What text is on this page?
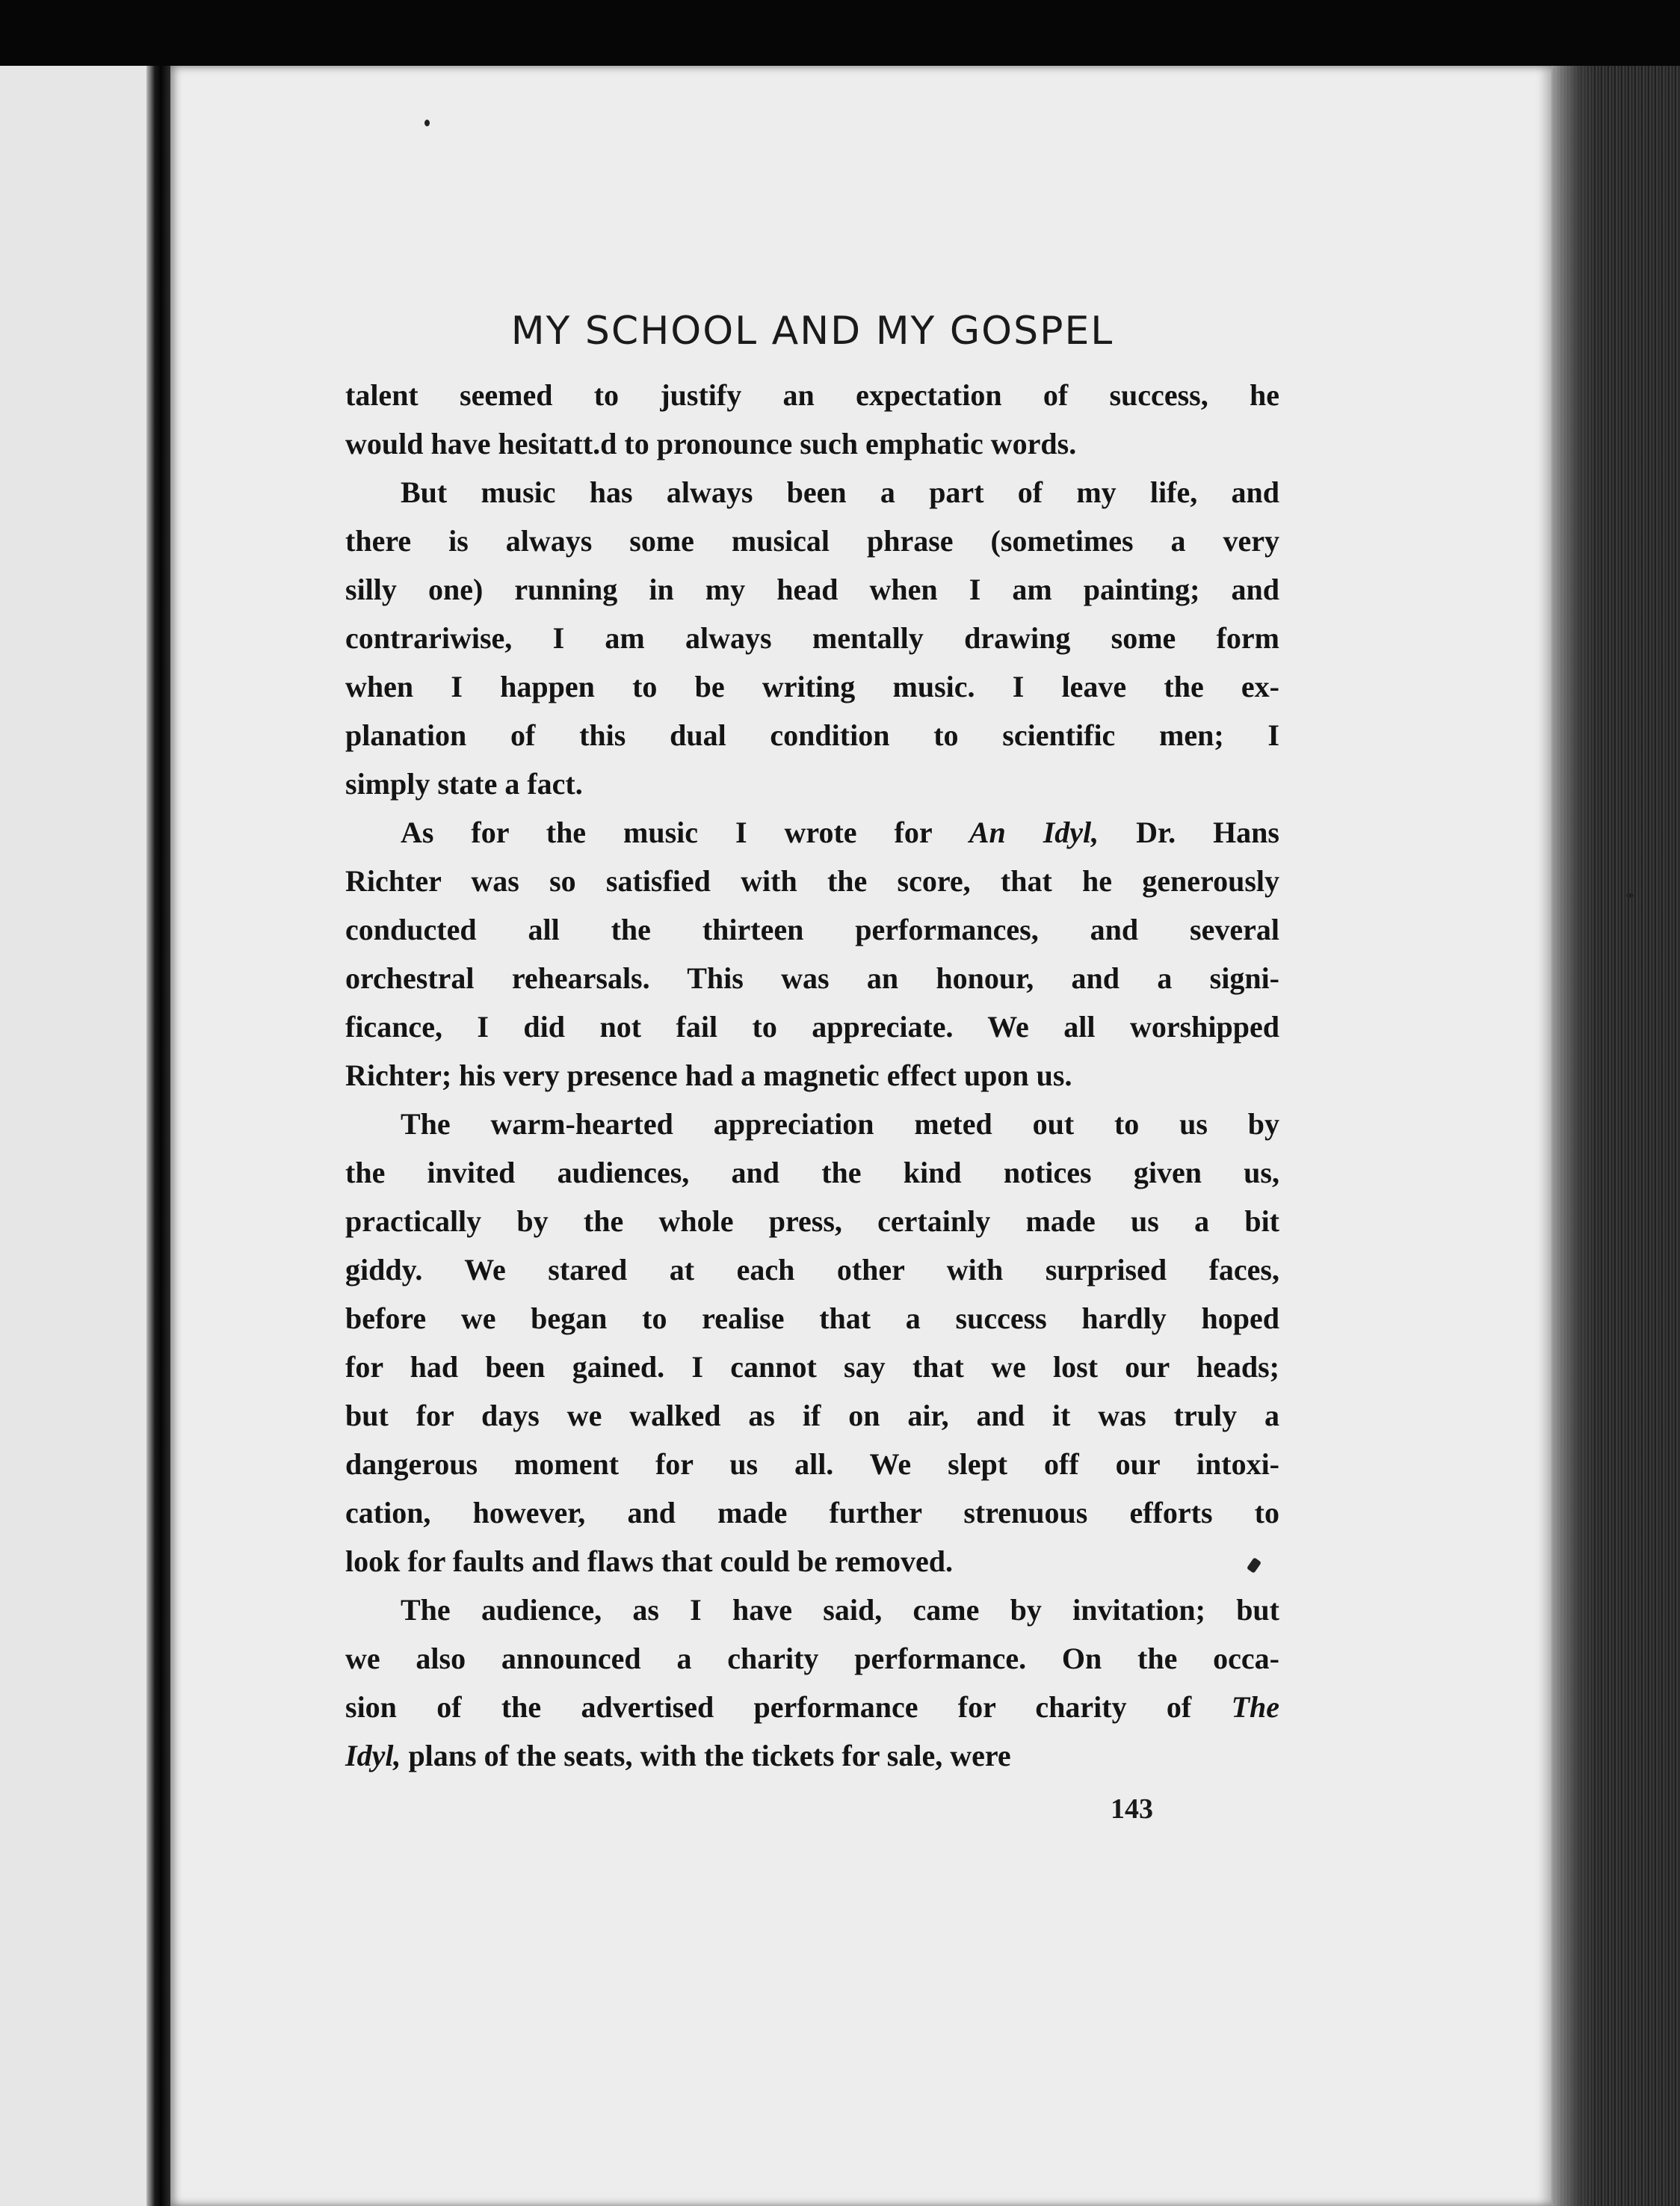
MY SCHOOL AND MY GOSPEL

talent seemed to justify an expectation of success, he
would have hesitatt.d to pronounce such emphatic words.

But music has always been a part of my life, and
there is always some musical phrase (sometimes a very
silly one) running in my head when I am painting; and
contrariwise, I am always mentally drawing some form
when I happen to be writing music. I leave the ex-
planation of this dual condition to scientific men; I
simply state a fact.

As for the music I wrote for An Idyl, Dr. Hans
Richter was so satisfied with the score, that he generously
conducted all the thirteen performances, and several
orchestral rehearsals. This was an honour, and a signi-
ficance, I did not fail to appreciate. We all worshipped
Richter; his very presence had a magnetic effect upon us.

The warm-hearted appreciation meted out to us by
the invited audiences, and the kind notices given us,
practically by the whole press, certainly made us a bit
giddy. We stared at each other with surprised faces,
before we began to realise that a success hardly hoped
for had been gained. I cannot say that we lost our heads;
but for days we walked as if on air, and it was truly a
dangerous moment for us all. We slept off our intoxi-
cation, however, and made further strenuous efforts to
look for faults and flaws that could be removed.

The audience, as I have said, came by invitation; but
we also announced a charity performance. On the occa-
sion of the advertised performance for charity of The
Idyl, plans of the seats, with the tickets for sale, were

143
